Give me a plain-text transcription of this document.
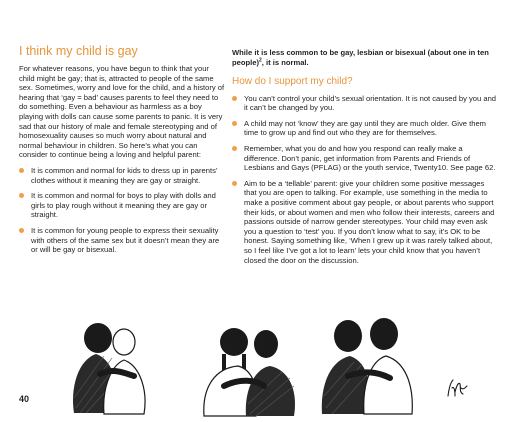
I think my child is gay

For whatever reasons, you have begun to think that your child might be gay; that is, attracted to people of the same sex. Sometimes, worry and love for the child, and a history of hearing that ‘gay = bad’ causes parents to feel they need to do something. Even a behaviour as harmless as a boy playing with dolls can cause some parents to panic. It is very sad that our history of male and female stereotyping and of homosexuality causes so much worry about natural and normal behaviour in children. So here’s what you can consider to continue being a loving and helpful parent:

It is common and normal for kids to dress up in parents’ clothes without it meaning they are gay or straight.
It is common and normal for boys to play with dolls and girls to play rough without it meaning they are gay or straight.
It is common for young people to express their sexuality with others of the same sex but it doesn’t mean they are or will be gay or bisexual.

While it is less common to be gay, lesbian or bisexual (about one in ten people)$^2$, it is normal.

How do I support my child?
You can’t control your child’s sexual orientation. It is not caused by you and it can’t be changed by you.
A child may not ‘know’ they are gay until they are much older. Give them time to grow up and find out who they are for themselves.
Remember, what you do and how you respond can really make a difference. Don’t panic, get information from Parents and Friends of Lesbians and Gays (PFLAG) or the youth service, Twenty10. See page 62.
Aim to be a ‘tellable’ parent: give your children some positive messages that you are open to talking. For example, use something in the media to make a positive comment about gay people, or about parents who support their kids, or about women and men who follow their interests, careers and passions outside of narrow gender stereotypes. Your child may even ask you a question to ‘test’ you. If you don’t know what to say, it’s OK to be honest. Saying something like, ‘When I grew up it was rarely talked about, so I feel like I’ve got a lot to learn’ lets your child know that you haven’t closed the door on the discussion.
40
